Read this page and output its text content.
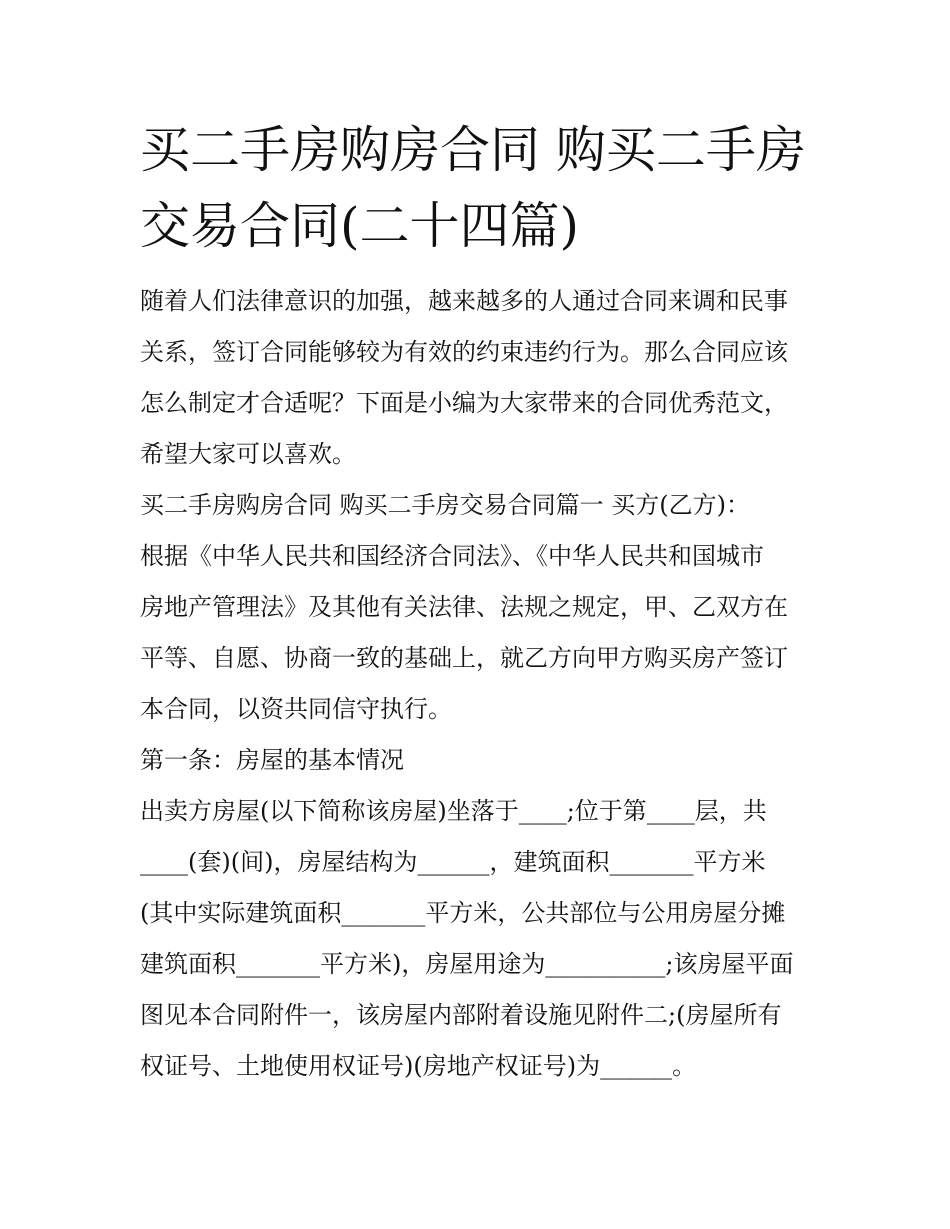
买二手房购房合同 购买二手房
交易合同(二十四篇)
随着人们法律意识的加强，越来越多的人通过合同来调和民事
关系，签订合同能够较为有效的约束违约行为。那么合同应该
怎么制定才合适呢？下面是小编为大家带来的合同优秀范文，
希望大家可以喜欢。
买二手房购房合同 购买二手房交易合同篇一 买方(乙方)：
根据《中华人民共和国经济合同法》、《中华人民共和国城市
房地产管理法》及其他有关法律、法规之规定，甲、乙双方在
平等、自愿、协商一致的基础上，就乙方向甲方购买房产签订
本合同，以资共同信守执行。
第一条：房屋的基本情况
出卖方房屋(以下简称该房屋)坐落于____;位于第____层，共
____(套)(间)，房屋结构为______，建筑面积_______平方米
(其中实际建筑面积_______平方米，公共部位与公用房屋分摊
建筑面积_______平方米)，房屋用途为__________;该房屋平面
图见本合同附件一，该房屋内部附着设施见附件二;(房屋所有
权证号、土地使用权证号)(房地产权证号)为______。
